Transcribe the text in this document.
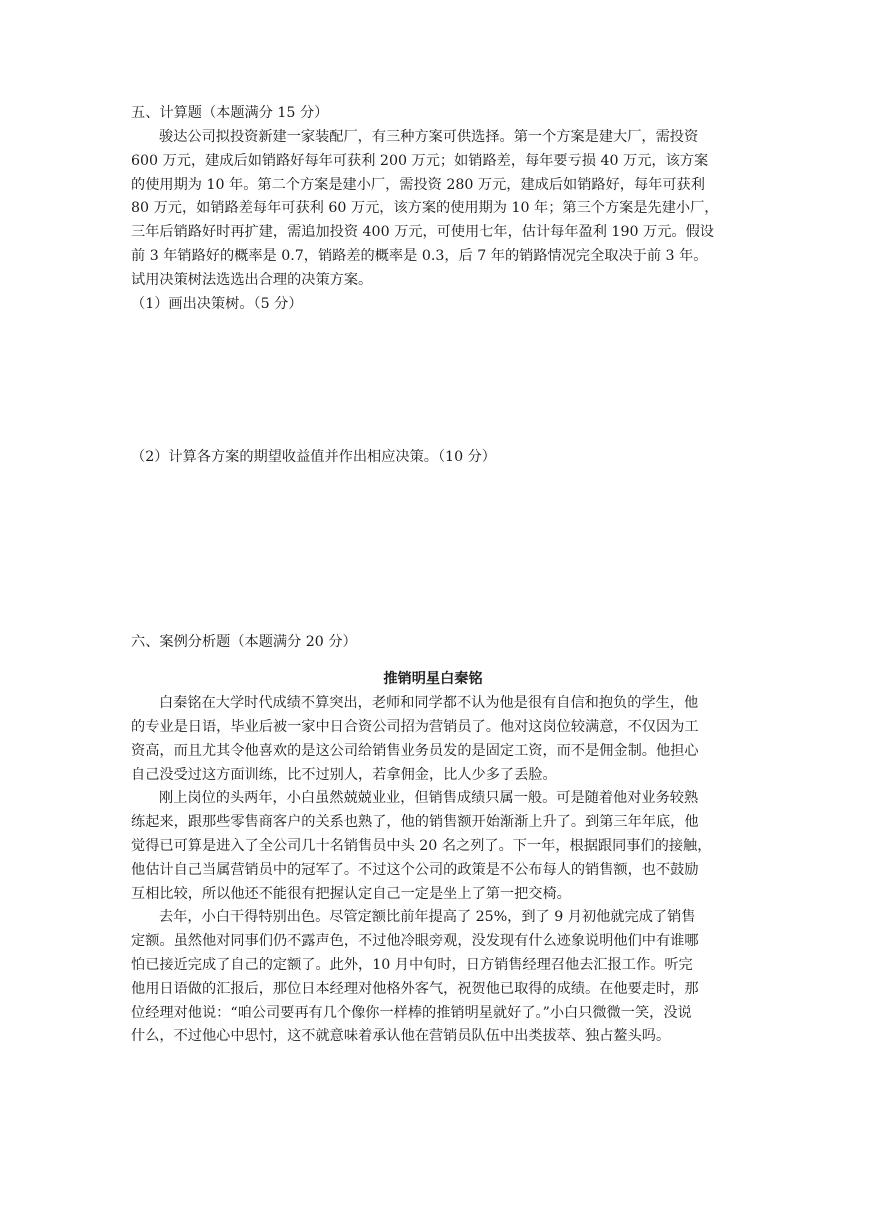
五、计算题（本题满分 15 分）
骏达公司拟投资新建一家装配厂，有三种方案可供选择。第一个方案是建大厂，需投资
600 万元，建成后如销路好每年可获利 200 万元；如销路差，每年要亏损 40 万元，该方案
的使用期为 10 年。第二个方案是建小厂，需投资 280 万元，建成后如销路好，每年可获利
80 万元，如销路差每年可获利 60 万元，该方案的使用期为 10 年；第三个方案是先建小厂，
三年后销路好时再扩建，需追加投资 400 万元，可使用七年，估计每年盈利 190 万元。假设
前 3 年销路好的概率是 0.7，销路差的概率是 0.3，后 7 年的销路情况完全取决于前 3 年。
试用决策树法选选出合理的决策方案。
（1）画出决策树。（5 分）
（2）计算各方案的期望收益值并作出相应决策。（10 分）
六、案例分析题（本题满分 20 分）
推销明星白秦铭
白秦铭在大学时代成绩不算突出，老师和同学都不认为他是很有自信和抱负的学生，他
的专业是日语，毕业后被一家中日合资公司招为营销员了。他对这岗位较满意，不仅因为工
资高，而且尤其令他喜欢的是这公司给销售业务员发的是固定工资，而不是佣金制。他担心
自己没受过这方面训练，比不过别人，若拿佣金，比人少多了丢脸。
刚上岗位的头两年，小白虽然兢兢业业，但销售成绩只属一般。可是随着他对业务较熟
练起来，跟那些零售商客户的关系也熟了，他的销售额开始渐渐上升了。到第三年年底，他
觉得已可算是进入了全公司几十名销售员中头 20 名之列了。下一年，根据跟同事们的接触，
他估计自己当属营销员中的冠军了。不过这个公司的政策是不公布每人的销售额，也不鼓励
互相比较，所以他还不能很有把握认定自己一定是坐上了第一把交椅。
去年，小白干得特别出色。尽管定额比前年提高了 25%，到了 9 月初他就完成了销售
定额。虽然他对同事们仍不露声色，不过他冷眼旁观，没发现有什么迹象说明他们中有谁哪
怕已接近完成了自己的定额了。此外，10 月中旬时，日方销售经理召他去汇报工作。听完
他用日语做的汇报后，那位日本经理对他格外客气，祝贺他已取得的成绩。在他要走时，那
位经理对他说：“咱公司要再有几个像你一样棒的推销明星就好了。”小白只微微一笑，没说
什么，不过他心中思忖，这不就意味着承认他在营销员队伍中出类拔萃、独占鳌头吗。
